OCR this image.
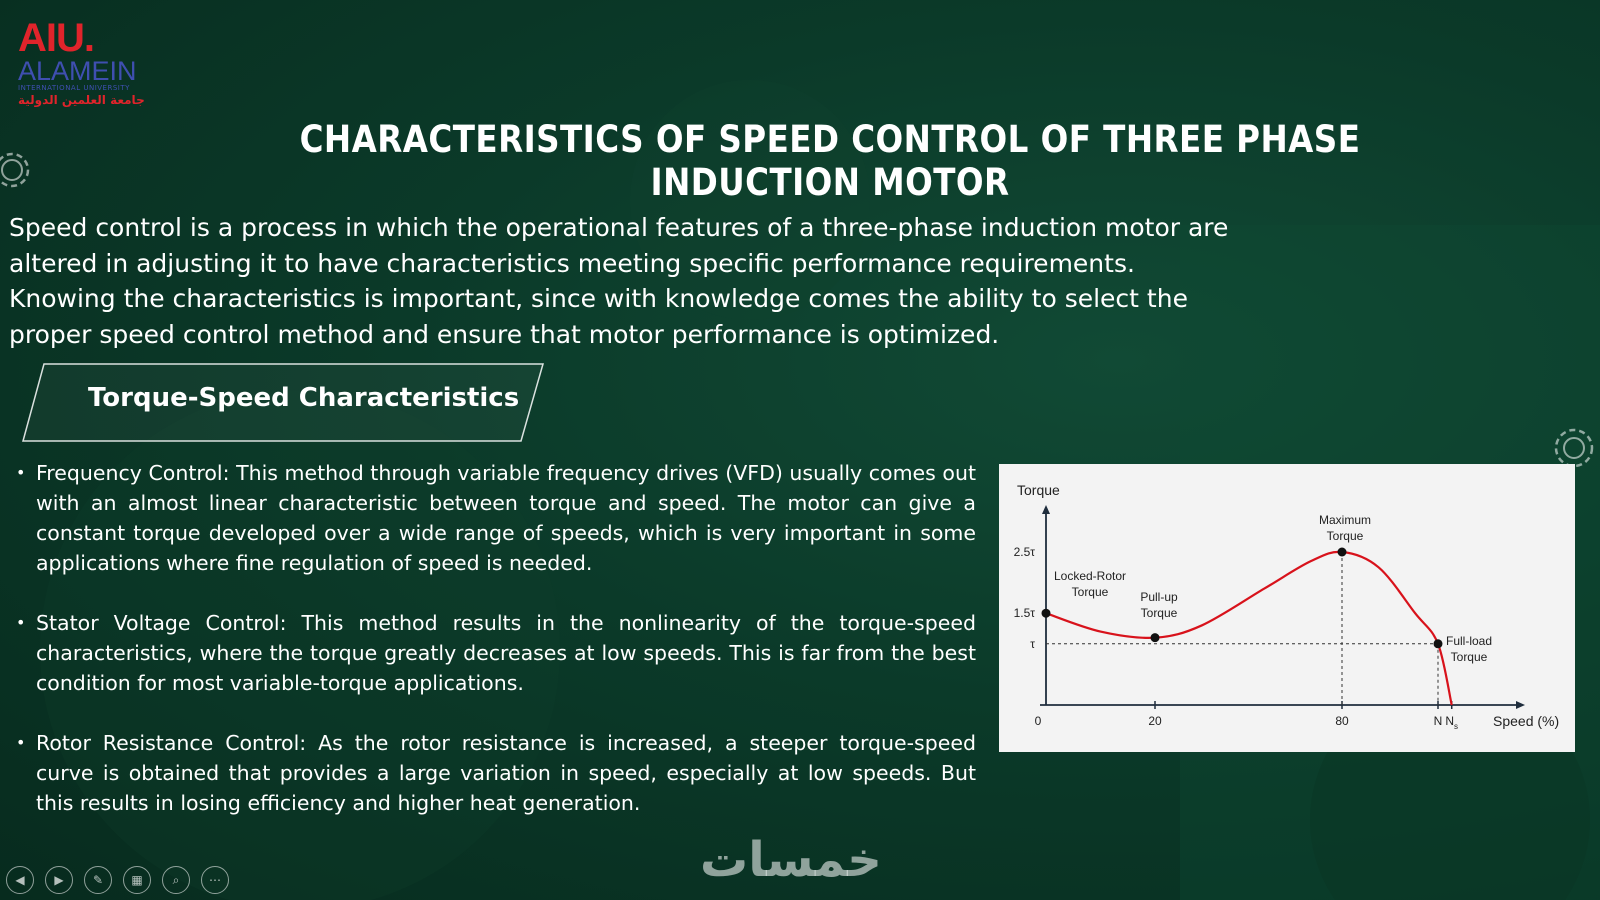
AIU.
ALAMEIN
INTERNATIONAL UNIVERSITY
جامعة العلمين الدولية
CHARACTERISTICS OF SPEED CONTROL OF THREE PHASE INDUCTION MOTOR
Speed control is a process in which the operational features of a three-phase induction motor are altered in adjusting it to have characteristics meeting specific performance requirements. Knowing the characteristics is important, since with knowledge comes the ability to select the proper speed control method and ensure that motor performance is optimized.
Torque-Speed Characteristics
• Frequency Control: This method through variable frequency drives (VFD) usually comes out with an almost linear characteristic between torque and speed. The motor can give a constant torque developed over a wide range of speeds, which is very important in some applications where fine regulation of speed is needed.
• Stator Voltage Control: This method results in the nonlinearity of the torque-speed characteristics, where the torque greatly decreases at low speeds. This is far from the best condition for most variable-torque applications.
• Rotor Resistance Control: As the rotor resistance is increased, a steeper torque-speed curve is obtained that provides a large variation in speed, especially at low speeds. But this results in losing efficiency and higher heat generation.
Torque
Speed (%)
0	20	80	N $N_s$
τ
1.5τ
2.5τ
Locked-Rotor
Torque	Pull-up
Torque
Maximum
Torque
Full-load
Torque
◀	▶	✎	▦	⌕	⋯	خمسات
